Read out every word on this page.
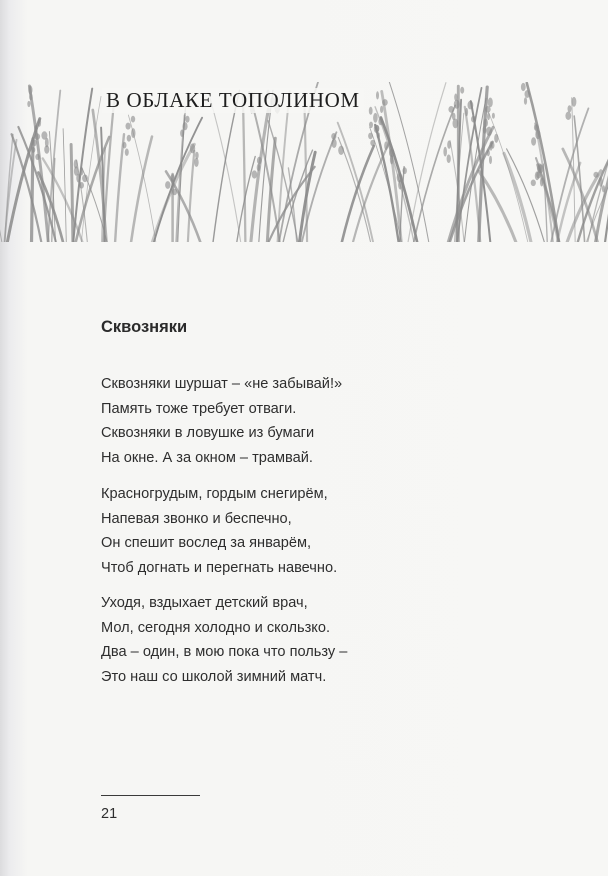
В ОБЛАКЕ ТОПОЛИНОМ
Сквозняки
Сквозняки шуршат – «не забывай!»
Память тоже требует отваги.
Сквозняки в ловушке из бумаги
На окне. А за окном – трамвай.
Красногрудым, гордым снегирём,
Напевая звонко и беспечно,
Он спешит вослед за январём,
Чтоб догнать и перегнать навечно.
Уходя, вздыхает детский врач,
Мол, сегодня холодно и скользко.
Два – один, в мою пока что пользу –
Это наш со школой зимний матч.
21
